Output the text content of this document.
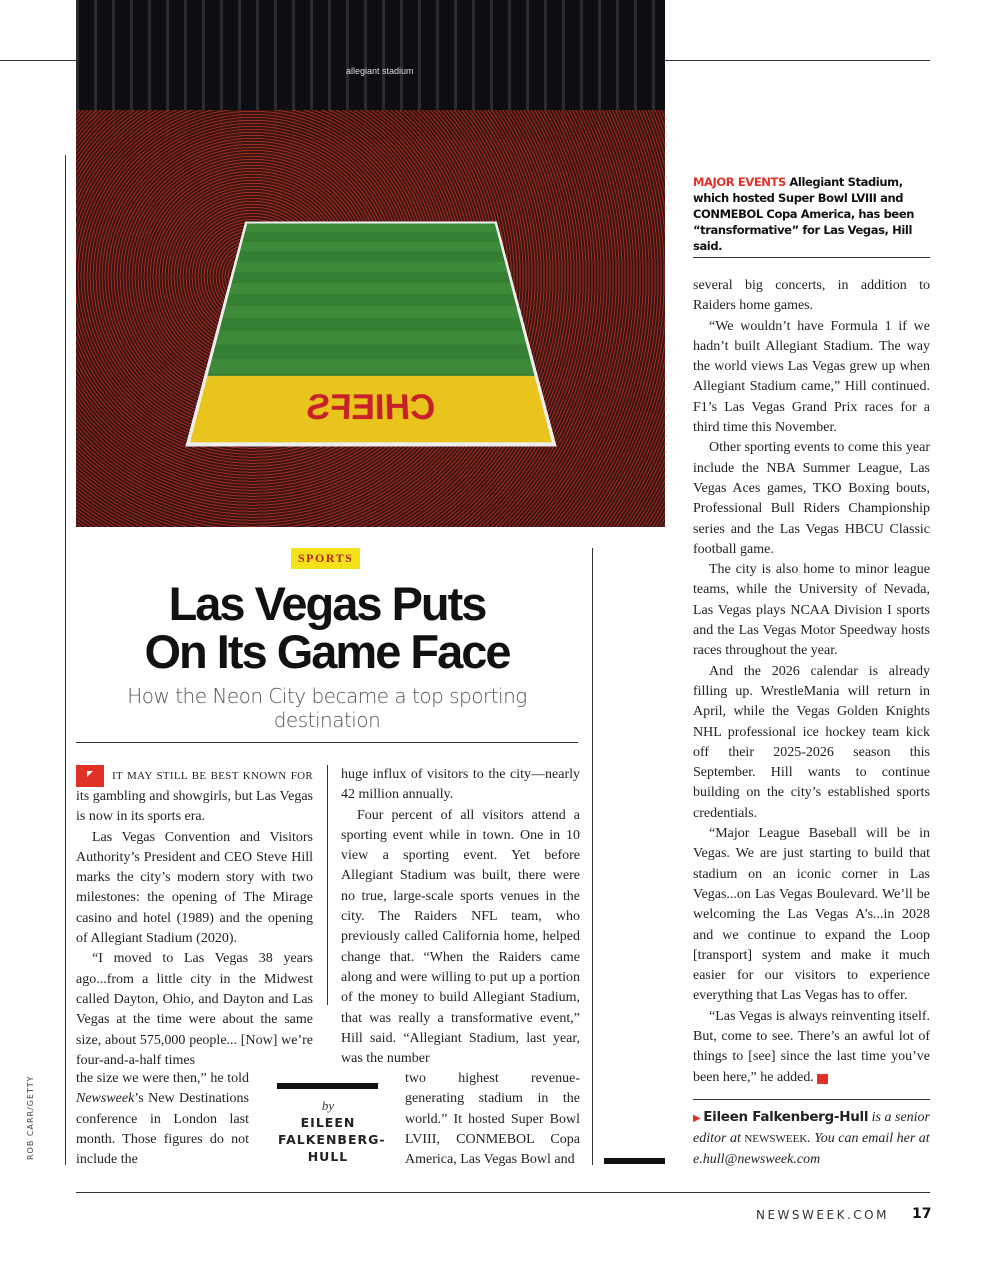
allegiant stadium
CHIEFS
ROB CARR/GETTY
MAJOR EVENTS Allegiant Stadium, which hosted Super Bowl LVIII and CONMEBOL Copa America, has been “transformative” for Las Vegas, Hill said.
SPORTS
Las Vegas Puts
On Its Game Face
How the Neon City became a top sporting destination

IT MAY STILL BE BEST KNOWN FOR its gambling and showgirls, but Las Vegas is now in its sports era.

Las Vegas Convention and Visitors Authority’s President and CEO Steve Hill marks the city’s modern story with two milestones: the opening of The Mirage casino and hotel (1989) and the opening of Allegiant Stadium (2020).

“I moved to Las Vegas 38 years ago...from a little city in the Midwest called Dayton, Ohio, and Dayton and Las Vegas at the time were about the same size, about 575,000 people... [Now] we’re four-and-a-half times

the size we were then,” he told Newsweek’s New Destinations conference in London last month. Those figures do not include the

huge influx of visitors to the city—nearly 42 million annually.

Four percent of all visitors attend a sporting event while in town. One in 10 view a sporting event. Yet before Allegiant Stadium was built, there were no true, large-scale sports venues in the city. The Raiders NFL team, who previously called California home, helped change that. “When the Raiders came along and were willing to put up a portion of the money to build Allegiant Stadium, that was really a transformative event,” Hill said. “Allegiant Stadium, last year, was the number

two highest revenue-generating stadium in the world.” It hosted Super Bowl LVIII, CONMEBOL Copa America, Las Vegas Bowl and

by
EILEEN FALKENBERG-HULL

several big concerts, in addition to Raiders home games.

“We wouldn’t have Formula 1 if we hadn’t built Allegiant Stadium. The way the world views Las Vegas grew up when Allegiant Stadium came,” Hill continued. F1’s Las Vegas Grand Prix races for a third time this November.

Other sporting events to come this year include the NBA Summer League, Las Vegas Aces games, TKO Boxing bouts, Professional Bull Riders Championship series and the Las Vegas HBCU Classic football game.

The city is also home to minor league teams, while the University of Nevada, Las Vegas plays NCAA Division I sports and the Las Vegas Motor Speedway hosts races throughout the year.

And the 2026 calendar is already filling up. WrestleMania will return in April, while the Vegas Golden Knights NHL professional ice hockey team kick off their 2025-2026 season this September. Hill wants to continue building on the city’s established sports credentials.

“Major League Baseball will be in Vegas. We are just starting to build that stadium on an iconic corner in Las Vegas...on Las Vegas Boulevard. We’ll be welcoming the Las Vegas A’s...in 2028 and we continue to expand the Loop [transport] system and make it much easier for our visitors to experience everything that Las Vegas has to offer.

“Las Vegas is always reinventing itself. But, come to see. There’s an awful lot of things to [see] since the last time you’ve been here,” he added. N

▶ Eileen Falkenberg-Hull is a senior editor at NEWSWEEK. You can email her at e.hull@newsweek.com
NEWSWEEK.COM 17
